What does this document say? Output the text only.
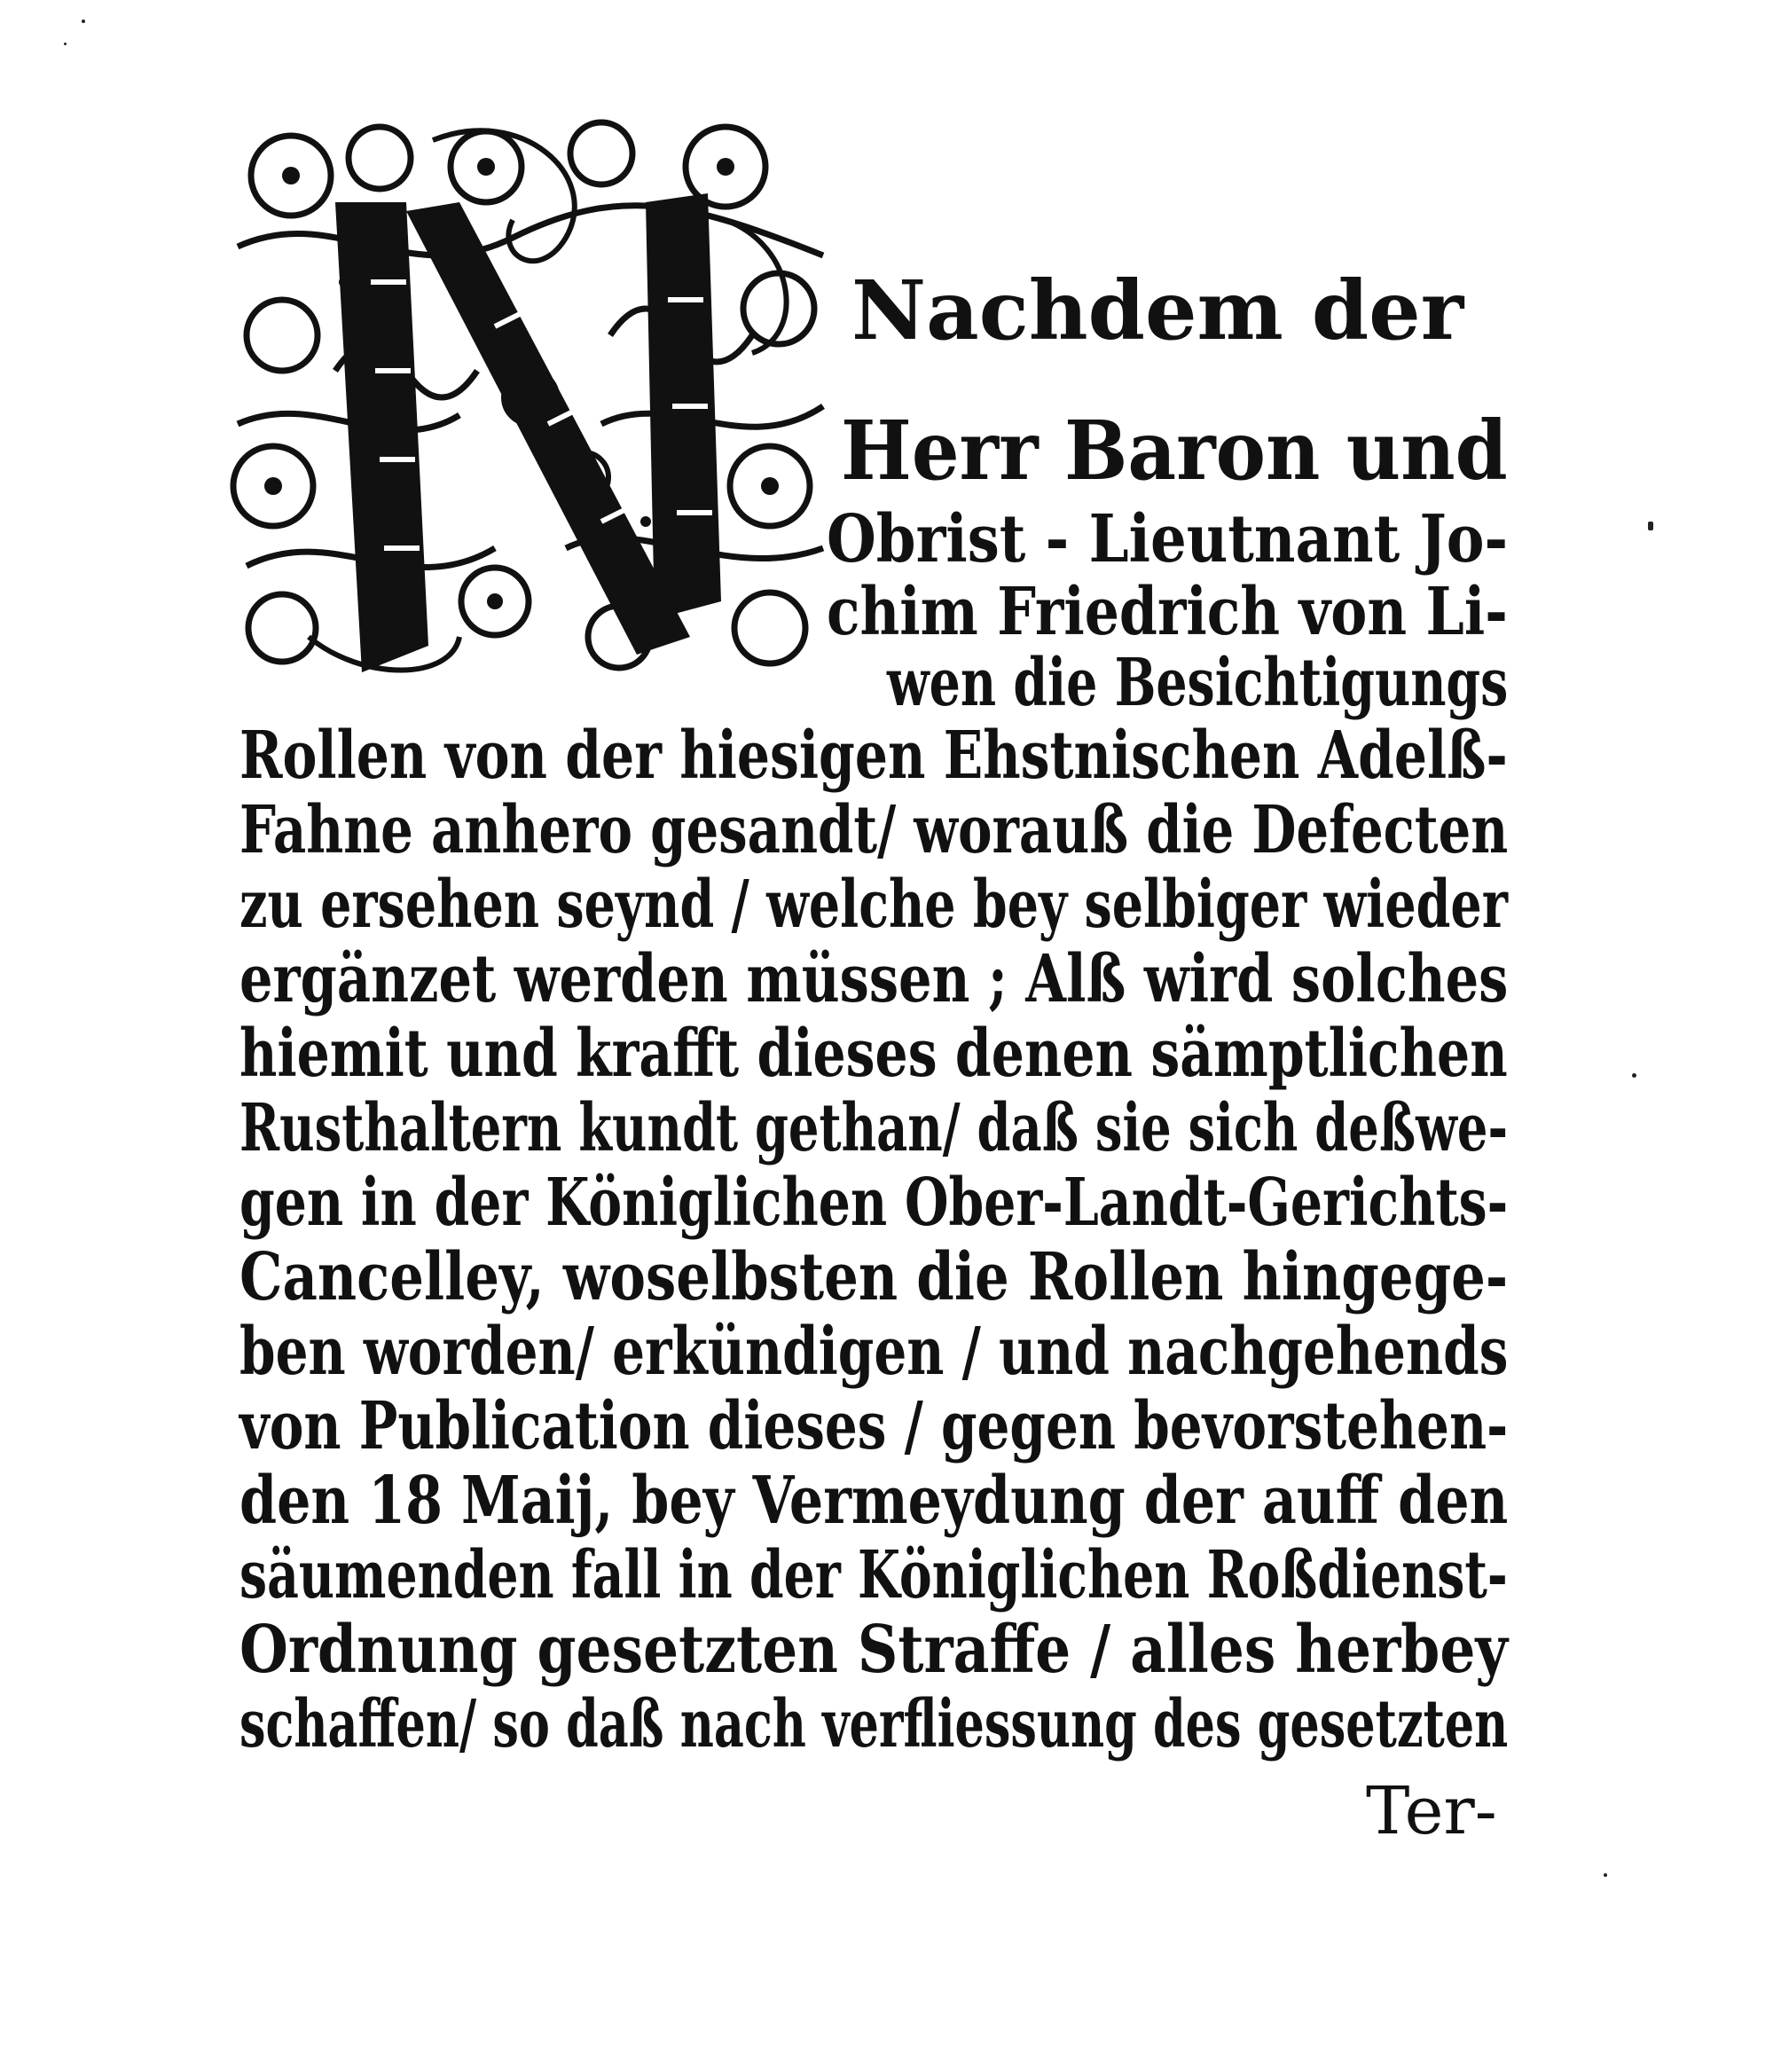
Nachdem der
Herr Baron und
Obrist - Lieutnant Jo-
chim Friedrich von Li-
wen die Besichtigungs
Rollen von der hiesigen Ehstnischen Adelß-
Fahne anhero gesandt/ worauß die Defecten
zu ersehen seynd / welche bey selbiger wieder
ergänzet werden müssen ; Alß wird solches
hiemit und krafft dieses denen sämptlichen
Rusthaltern kundt gethan/ daß sie sich deßwe-
gen in der Königlichen Ober-Landt-Gerichts-
Cancelley, woselbsten die Rollen hingege-
ben worden/ erkündigen / und nachgehends
von Publication dieses / gegen bevorstehen-
den 18 Maij, bey Vermeydung der auff den
säumenden fall in der Königlichen Roßdienst-
Ordnung gesetzten Straffe / alles herbey
schaffen/ so daß nach verfliessung des gesetzten
Ter-
